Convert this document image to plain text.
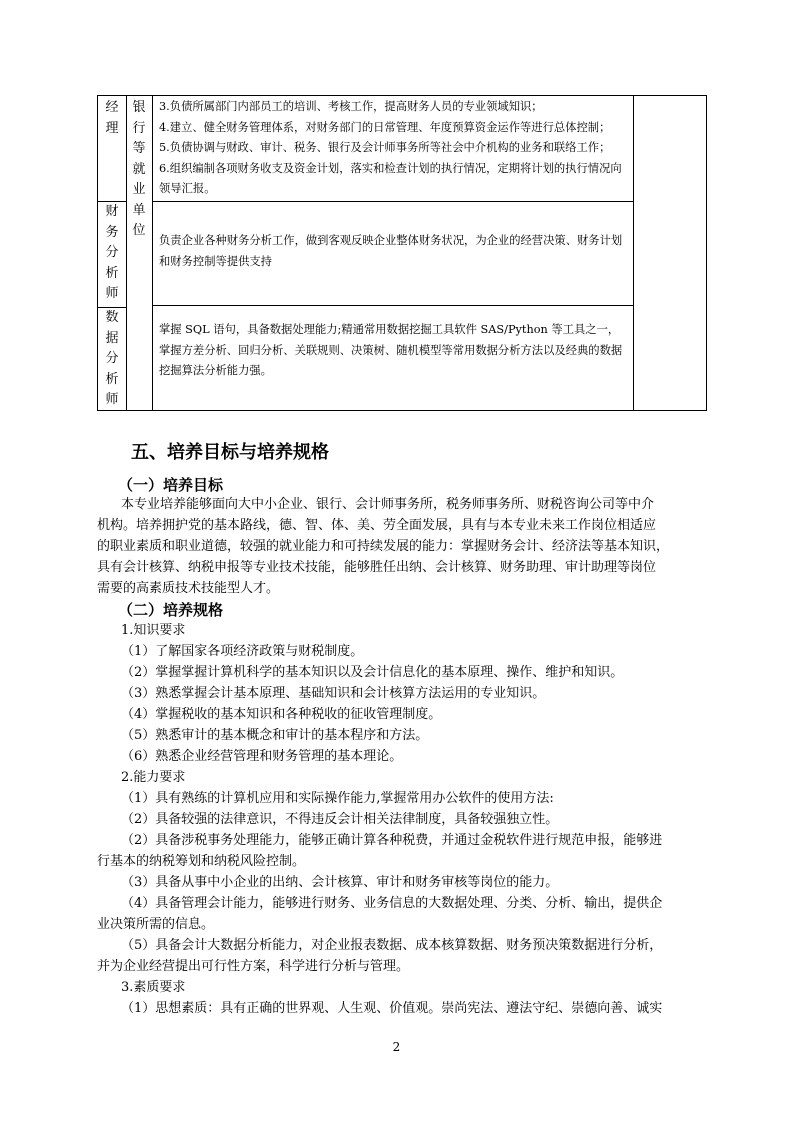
经
理
财
务
分
析
师
数
据
分
析
师
银
行
等
就
业
单
位
3.负债所属部门内部员工的培训、考核工作，提高财务人员的专业领域知识；
4.建立、健全财务管理体系，对财务部门的日常管理、年度预算资金运作等进行总体控制；
5.负债协调与财政、审计、税务、银行及会计师事务所等社会中介机构的业务和联络工作；
6.组织编制各项财务收支及资金计划，落实和检查计划的执行情况，定期将计划的执行情况向领导汇报。
负责企业各种财务分析工作，做到客观反映企业整体财务状况，为企业的经营决策、财务计划和财务控制等提供支持
掌握 SQL 语句，具备数据处理能力;精通常用数据挖掘工具软件 SAS/Python 等工具之一，掌握方差分析、回归分析、关联规则、决策树、随机模型等常用数据分析方法以及经典的数据挖掘算法分析能力强。
五、培养目标与培养规格
（一）培养目标
本专业培养能够面向大中小企业、银行、会计师事务所，税务师事务所、财税咨询公司等中介
机构。培养拥护党的基本路线，德、智、体、美、劳全面发展，具有与本专业未来工作岗位相适应
的职业素质和职业道德，较强的就业能力和可持续发展的能力：掌握财务会计、经济法等基本知识，
具有会计核算、纳税申报等专业技术技能，能够胜任出纳、会计核算、财务助理、审计助理等岗位
需要的高素质技术技能型人才。
（二）培养规格
1.知识要求
（1）了解国家各项经济政策与财税制度。
（2）掌握掌握计算机科学的基本知识以及会计信息化的基本原理、操作、维护和知识。
（3）熟悉掌握会计基本原理、基础知识和会计核算方法运用的专业知识。
（4）掌握税收的基本知识和各种税收的征收管理制度。
（5）熟悉审计的基本概念和审计的基本程序和方法。
（6）熟悉企业经营管理和财务管理的基本理论。
2.能力要求
（1）具有熟练的计算机应用和实际操作能力,掌握常用办公软件的使用方法:
（2）具备较强的法律意识，不得违反会计相关法律制度，具备较强独立性。
（2）具备涉税事务处理能力，能够正确计算各种税费，并通过金税软件进行规范申报，能够进
行基本的纳税筹划和纳税风险控制。
（3）具备从事中小企业的出纳、会计核算、审计和财务审核等岗位的能力。
（4）具备管理会计能力，能够进行财务、业务信息的大数据处理、分类、分析、输出，提供企
业决策所需的信息。
（5）具备会计大数据分析能力，对企业报表数据、成本核算数据、财务预决策数据进行分析，
并为企业经营提出可行性方案，科学进行分析与管理。
3.素质要求
（1）思想素质：具有正确的世界观、人生观、价值观。崇尚宪法、遵法守纪、崇德向善、诚实
2
